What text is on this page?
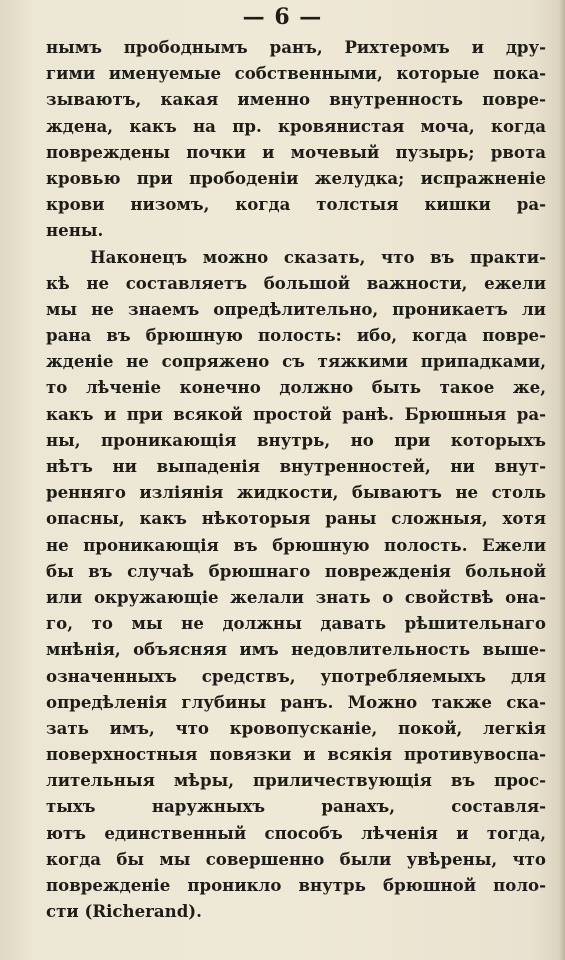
— 6 —
нымъ прободнымъ ранъ, Рихтеромъ и дру-
гими именуемые собственными, которые пока-
зываютъ, какая именно внутренность повре-
ждена, какъ на пр. кровянистая моча, когда
повреждены почки и мочевый пузырь; рвота
кровью при прободеніи желудка; испражненіе
крови низомъ, когда толстыя кишки ра-
нены.
Наконецъ можно сказать, что въ практи-
кѣ не составляетъ большой важности, ежели
мы не знаемъ опредѣлительно, проникаетъ ли
рана въ брюшную полость: ибо, когда повре-
жденіе не сопряжено съ тяжкими припадками,
то лѣченіе конечно должно быть такое же,
какъ и при всякой простой ранѣ. Брюшныя ра-
ны, проникающія внутрь, но при которыхъ
нѣтъ ни выпаденія внутренностей, ни внут-
ренняго изліянія жидкости, бываютъ не столь
опасны, какъ нѣкоторыя раны сложныя, хотя
не проникающія въ брюшную полость. Ежели
бы въ случаѣ брюшнаго поврежденія больной
или окружающіе желали знать о свойствѣ она-
го, то мы не должны давать рѣшительнаго
мнѣнія, объясняя имъ недовлительность выше-
означенныхъ средствъ, употребляемыхъ для
опредѣленія глубины ранъ. Можно также ска-
зать имъ, что кровопусканіе, покой, легкія
поверхностныя повязки и всякія противувоспа-
лительныя мѣры, приличествующія въ прос-
тыхъ наружныхъ ранахъ, составля-
ютъ единственный способъ лѣченія и тогда,
когда бы мы совершенно были увѣрены, что
поврежденіе проникло внутрь брюшной поло-
сти (Richerand).
